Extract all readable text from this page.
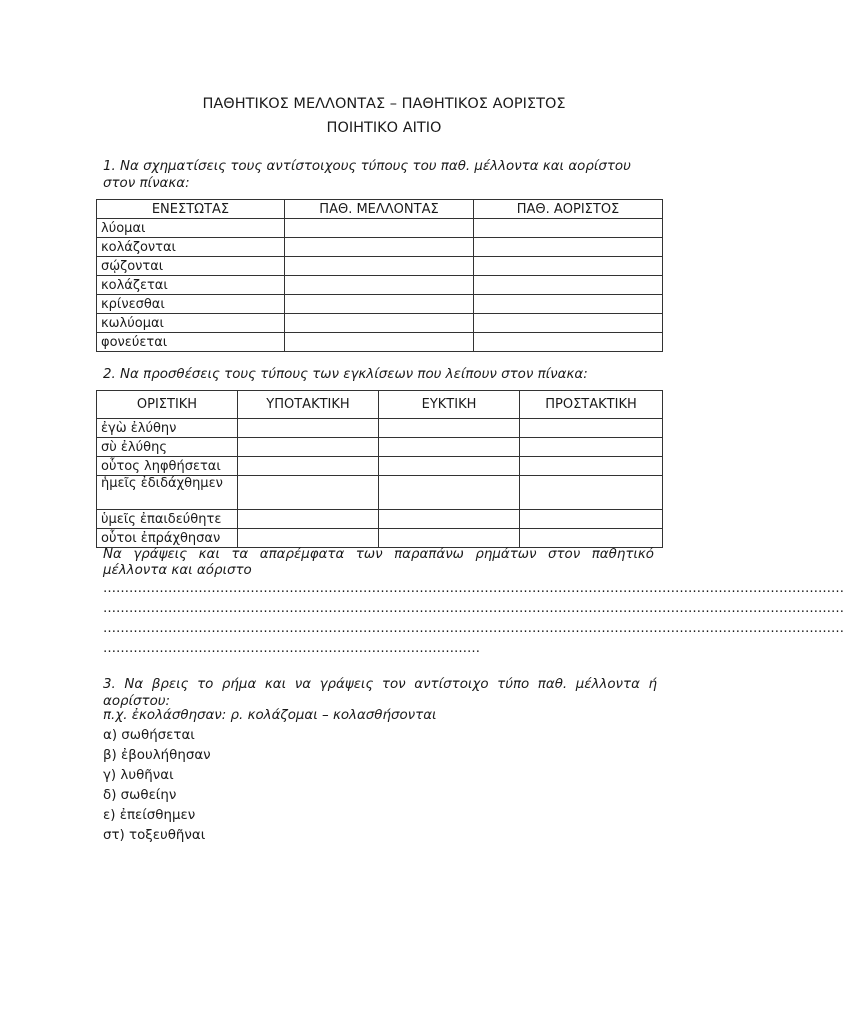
ΠΑΘΗΤΙΚΟΣ ΜΕΛΛΟΝΤΑΣ – ΠΑΘΗΤΙΚΟΣ ΑΟΡΙΣΤΟΣ
ΠΟΙΗΤΙΚΟ ΑΙΤΙΟ
1. Να σχηματίσεις τους αντίστοιχους τύπους του παθ. μέλλοντα και αορίστου στον πίνακα:
ΕΝΕΣΤΩΤΑΣ	ΠΑΘ. ΜΕΛΛΟΝΤΑΣ	ΠΑΘ. ΑΟΡΙΣΤΟΣ
λύομαι		
κολάζονται		
σῴζονται		
κολάζεται		
κρίνεσθαι		
κωλύομαι		
φονεύεται		
2. Να προσθέσεις τους τύπους των εγκλίσεων που λείπουν στον πίνακα:
ΟΡΙΣΤΙΚΗ	ΥΠΟΤΑΚΤΙΚΗ	ΕΥΚΤΙΚΗ	ΠΡΟΣΤΑΚΤΙΚΗ
ἐγὼ ἐλύθην			
σὺ ἐλύθης			
οὗτος ληφθήσεται			
ἡμεῖς ἐδιδάχθημεν			
ὑμεῖς ἐπαιδεύθητε			
οὗτοι ἐπράχθησαν			
Να γράψεις και τα απαρέμφατα των παραπάνω ρημάτων στον παθητικό μέλλοντα και αόριστο
………………………………………………………………………………………………………………………………………………………
………………………………………………………………………………………………………………………………………………………
………………………………………………………………………………………………………………………………………………………
……………………………………………………………………………
3. Να βρεις το ρήμα και να γράψεις τον αντίστοιχο τύπο παθ. μέλλοντα ή αορίστου:
π.χ. ἐκολάσθησαν: ρ. κολάζομαι – κολασθήσονται
α) σωθήσεται
β) ἐβουλήθησαν
γ) λυθῆναι
δ) σωθείην
ε) ἐπείσθημεν
στ) τοξευθῆναι
